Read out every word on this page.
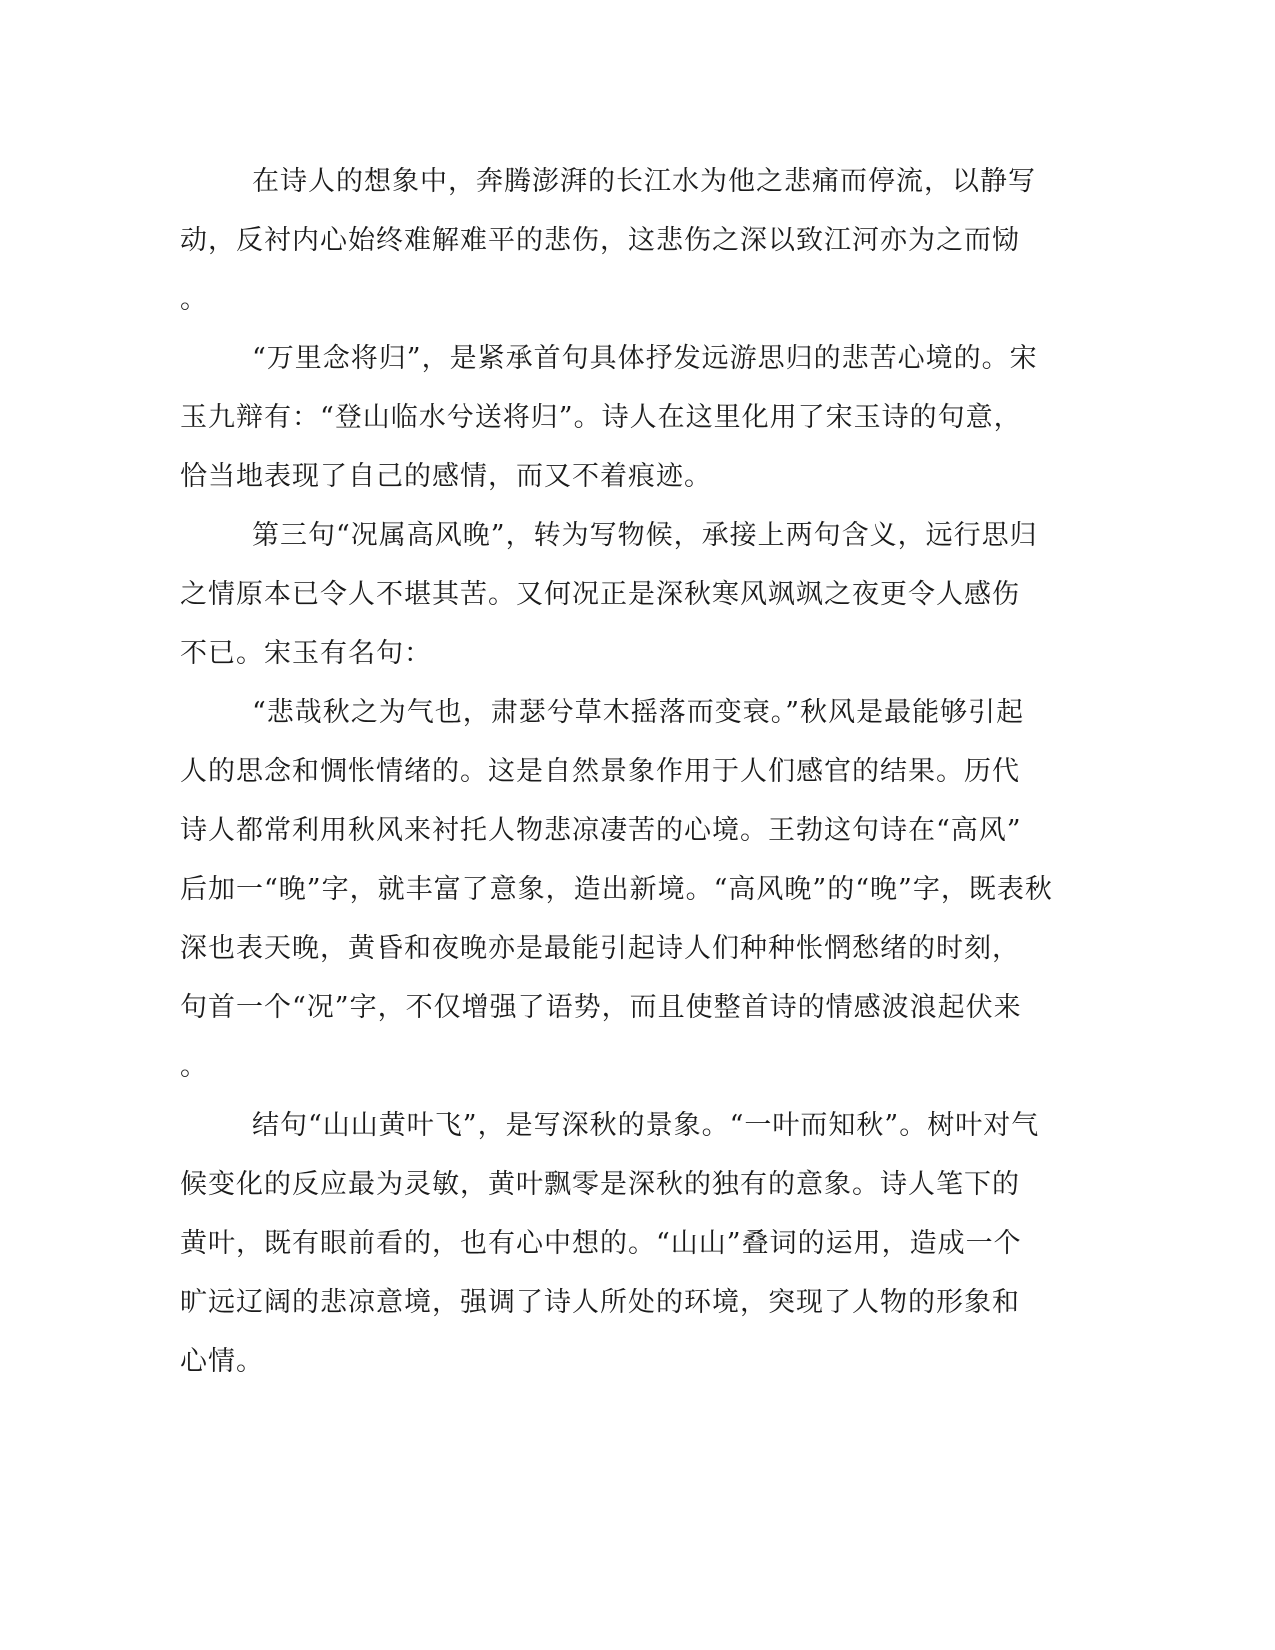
在诗人的想象中，奔腾澎湃的长江水为他之悲痛而停流，以静写
动，反衬内心始终难解难平的悲伤，这悲伤之深以致江河亦为之而恸
。
“万里念将归”，是紧承首句具体抒发远游思归的悲苦心境的。宋
玉九辩有：“登山临水兮送将归”。诗人在这里化用了宋玉诗的句意，
恰当地表现了自己的感情，而又不着痕迹。
第三句“况属高风晚”，转为写物候，承接上两句含义，远行思归
之情原本已令人不堪其苦。又何况正是深秋寒风飒飒之夜更令人感伤
不已。宋玉有名句：
“悲哉秋之为气也，肃瑟兮草木摇落而变衰。”秋风是最能够引起
人的思念和惆怅情绪的。这是自然景象作用于人们感官的结果。历代
诗人都常利用秋风来衬托人物悲凉凄苦的心境。王勃这句诗在“高风”
后加一“晚”字，就丰富了意象，造出新境。“高风晚”的“晚”字，既表秋
深也表天晚，黄昏和夜晚亦是最能引起诗人们种种怅惘愁绪的时刻，
句首一个“况”字，不仅增强了语势，而且使整首诗的情感波浪起伏来
。
结句“山山黄叶飞”，是写深秋的景象。“一叶而知秋”。树叶对气
候变化的反应最为灵敏，黄叶飘零是深秋的独有的意象。诗人笔下的
黄叶，既有眼前看的，也有心中想的。“山山”叠词的运用，造成一个
旷远辽阔的悲凉意境，强调了诗人所处的环境，突现了人物的形象和
心情。
